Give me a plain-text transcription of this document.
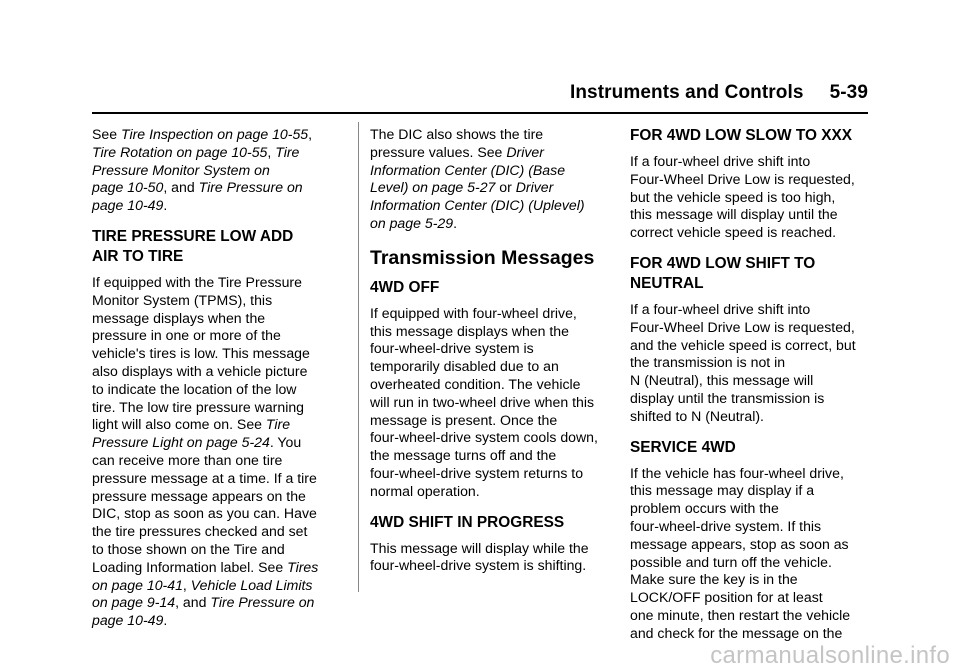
Instruments and Controls 5-39

See Tire Inspection on page 10-55,
Tire Rotation on page 10-55, Tire
Pressure Monitor System on
page 10-50, and Tire Pressure on
page 10-49.

TIRE PRESSURE LOW ADD
AIR TO TIRE

If equipped with the Tire Pressure
Monitor System (TPMS), this
message displays when the
pressure in one or more of the
vehicle's tires is low. This message
also displays with a vehicle picture
to indicate the location of the low
tire. The low tire pressure warning
light will also come on. See Tire
Pressure Light on page 5-24. You
can receive more than one tire
pressure message at a time. If a tire
pressure message appears on the
DIC, stop as soon as you can. Have
the tire pressures checked and set
to those shown on the Tire and
Loading Information label. See Tires
on page 10-41, Vehicle Load Limits
on page 9-14, and Tire Pressure on
page 10-49.

The DIC also shows the tire
pressure values. See Driver
Information Center (DIC) (Base
Level) on page 5-27 or Driver
Information Center (DIC) (Uplevel)
on page 5-29.

Transmission Messages
4WD OFF

If equipped with four-wheel drive,
this message displays when the
four-wheel-drive system is
temporarily disabled due to an
overheated condition. The vehicle
will run in two-wheel drive when this
message is present. Once the
four-wheel-drive system cools down,
the message turns off and the
four-wheel-drive system returns to
normal operation.

4WD SHIFT IN PROGRESS

This message will display while the
four-wheel-drive system is shifting.

FOR 4WD LOW SLOW TO XXX

If a four-wheel drive shift into
Four-Wheel Drive Low is requested,
but the vehicle speed is too high,
this message will display until the
correct vehicle speed is reached.

FOR 4WD LOW SHIFT TO
NEUTRAL

If a four-wheel drive shift into
Four-Wheel Drive Low is requested,
and the vehicle speed is correct, but
the transmission is not in
N (Neutral), this message will
display until the transmission is
shifted to N (Neutral).

SERVICE 4WD

If the vehicle has four-wheel drive,
this message may display if a
problem occurs with the
four-wheel-drive system. If this
message appears, stop as soon as
possible and turn off the vehicle.
Make sure the key is in the
LOCK/OFF position for at least
one minute, then restart the vehicle
and check for the message on the

carmanualsonline.info
